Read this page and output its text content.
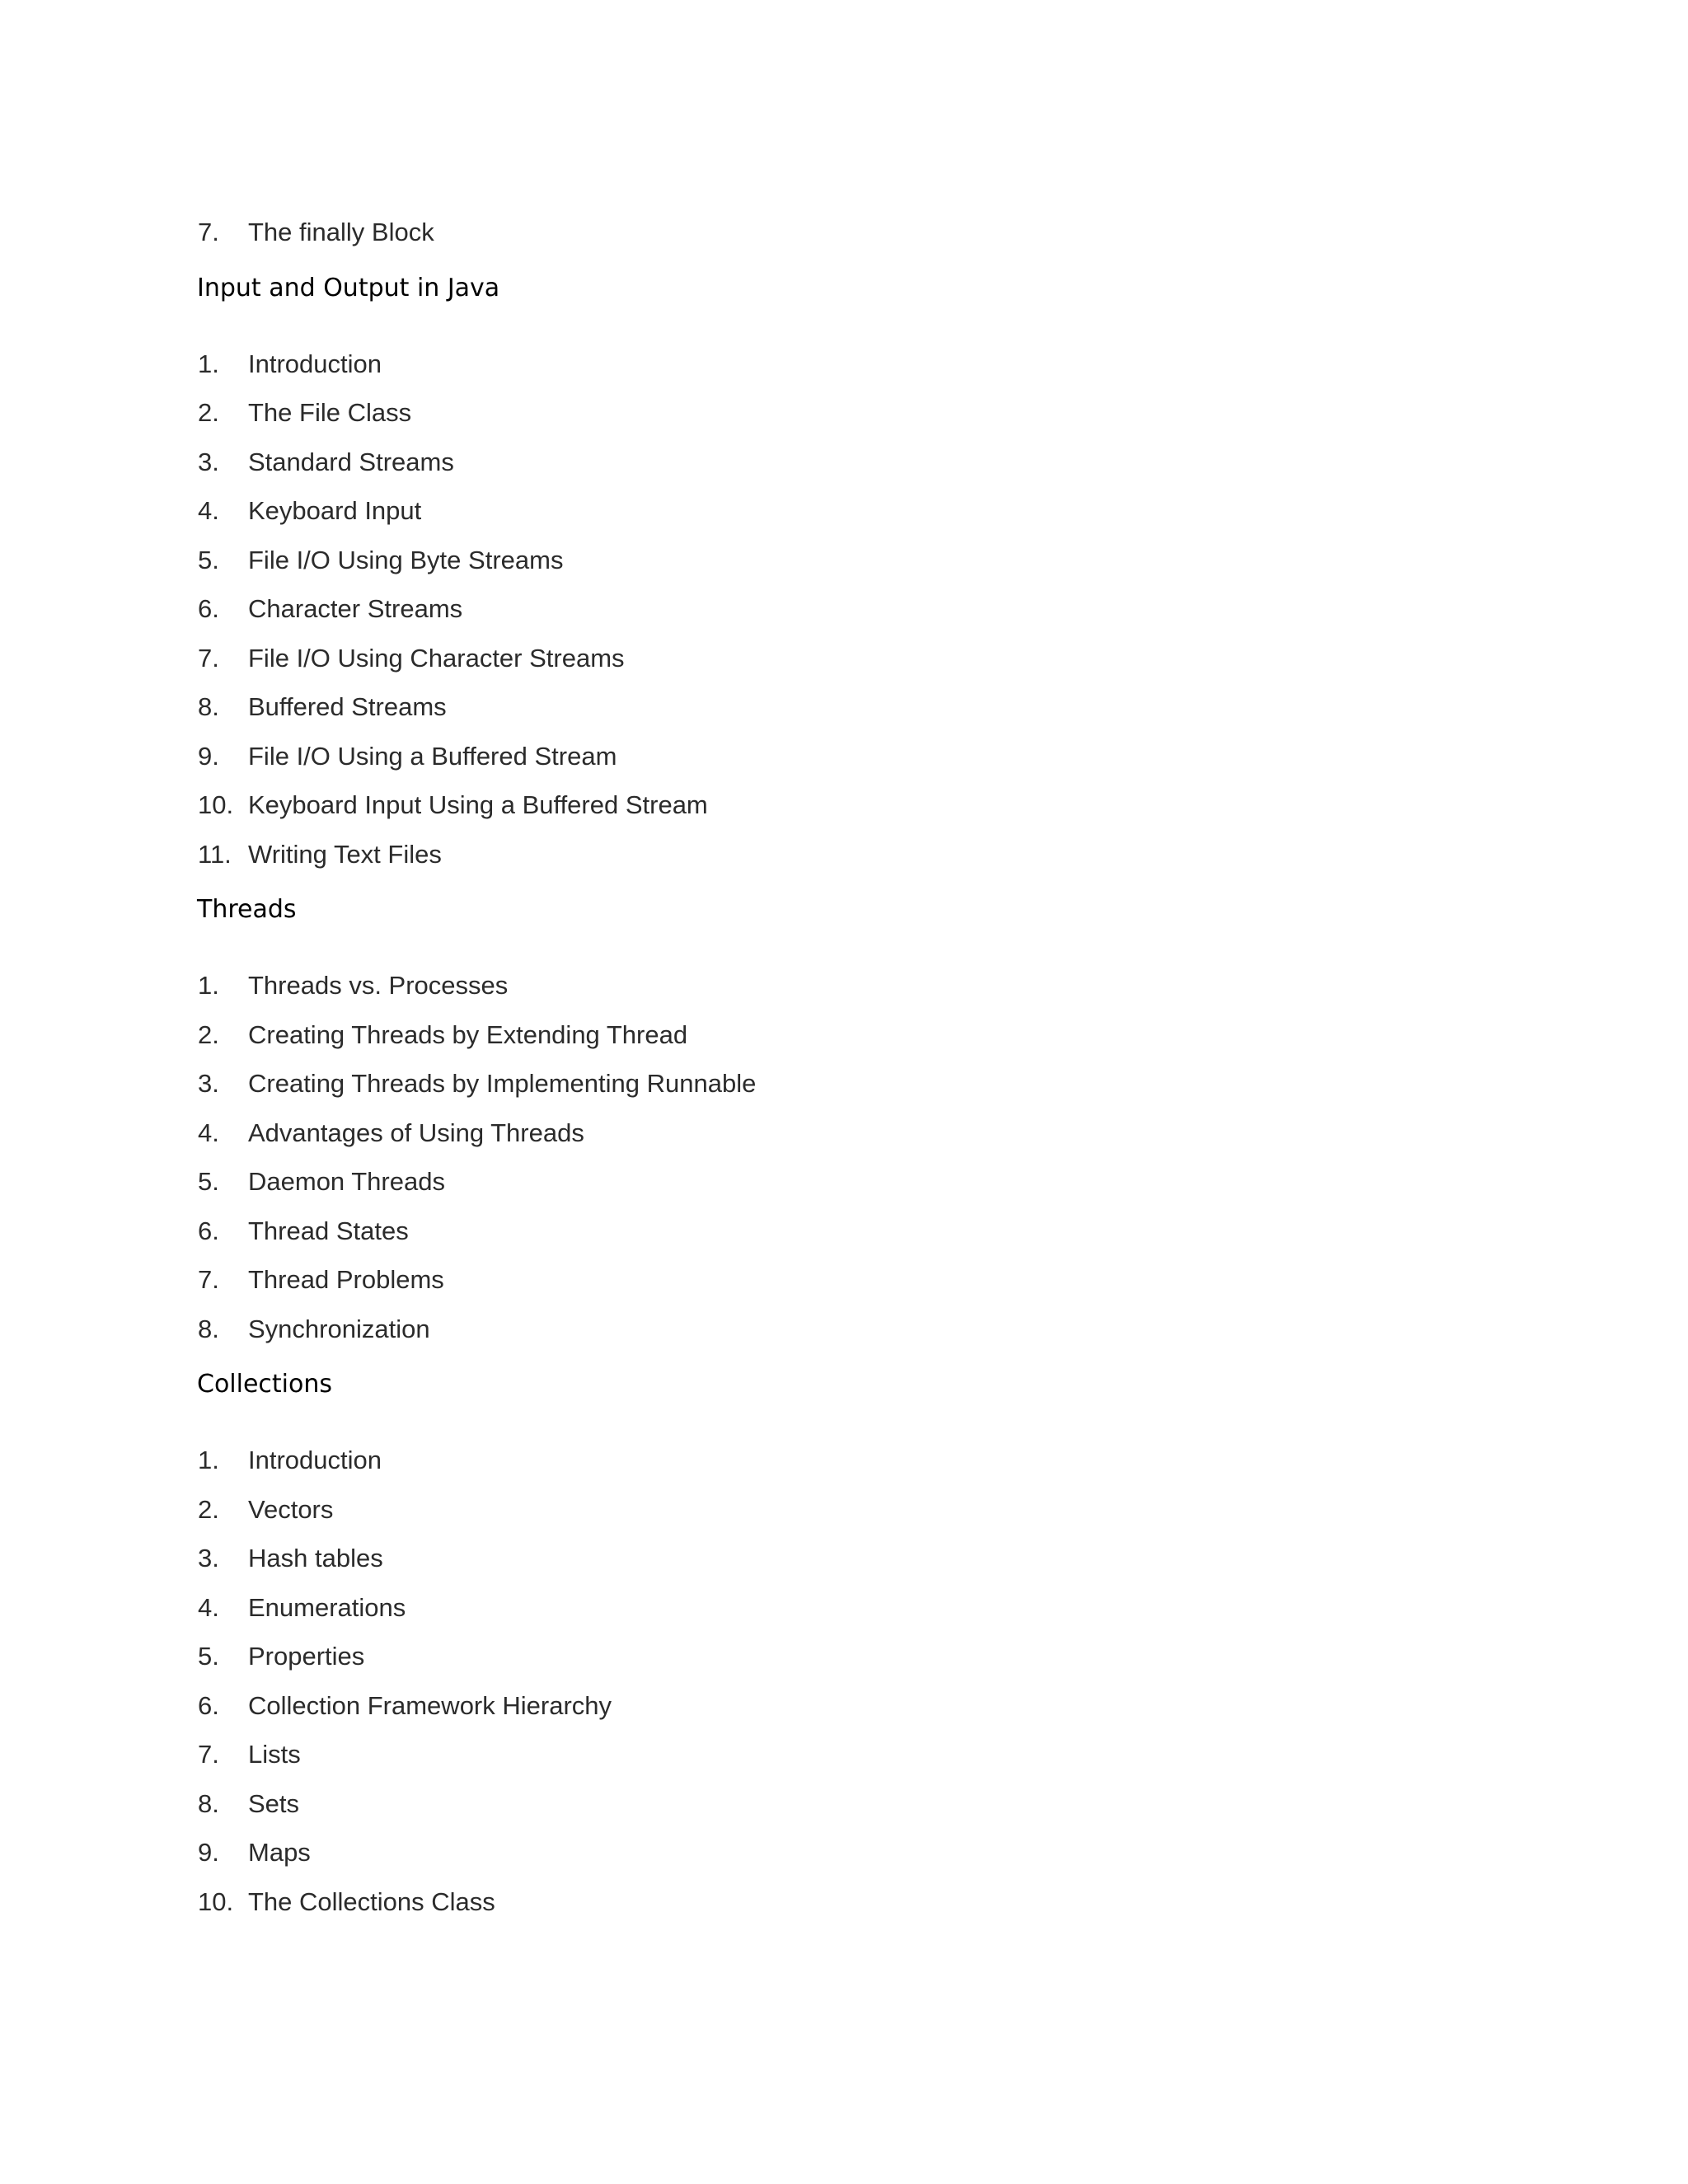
7.	The finally Block
Input and Output in Java
1.	Introduction
2.	The File Class
3.	Standard Streams
4.	Keyboard Input
5.	File I/O Using Byte Streams
6.	Character Streams
7.	File I/O Using Character Streams
8.	Buffered Streams
9.	File I/O Using a Buffered Stream
10. Keyboard Input Using a Buffered Stream
11. Writing Text Files
Threads
1.	Threads vs. Processes
2.	Creating Threads by Extending Thread
3.	Creating Threads by Implementing Runnable
4.	Advantages of Using Threads
5.	Daemon Threads
6.	Thread States
7.	Thread Problems
8.	Synchronization
Collections
1.	Introduction
2.	Vectors
3.	Hash tables
4.	Enumerations
5.	Properties
6.	Collection Framework Hierarchy
7.	Lists
8.	Sets
9.	Maps
10. The Collections Class
